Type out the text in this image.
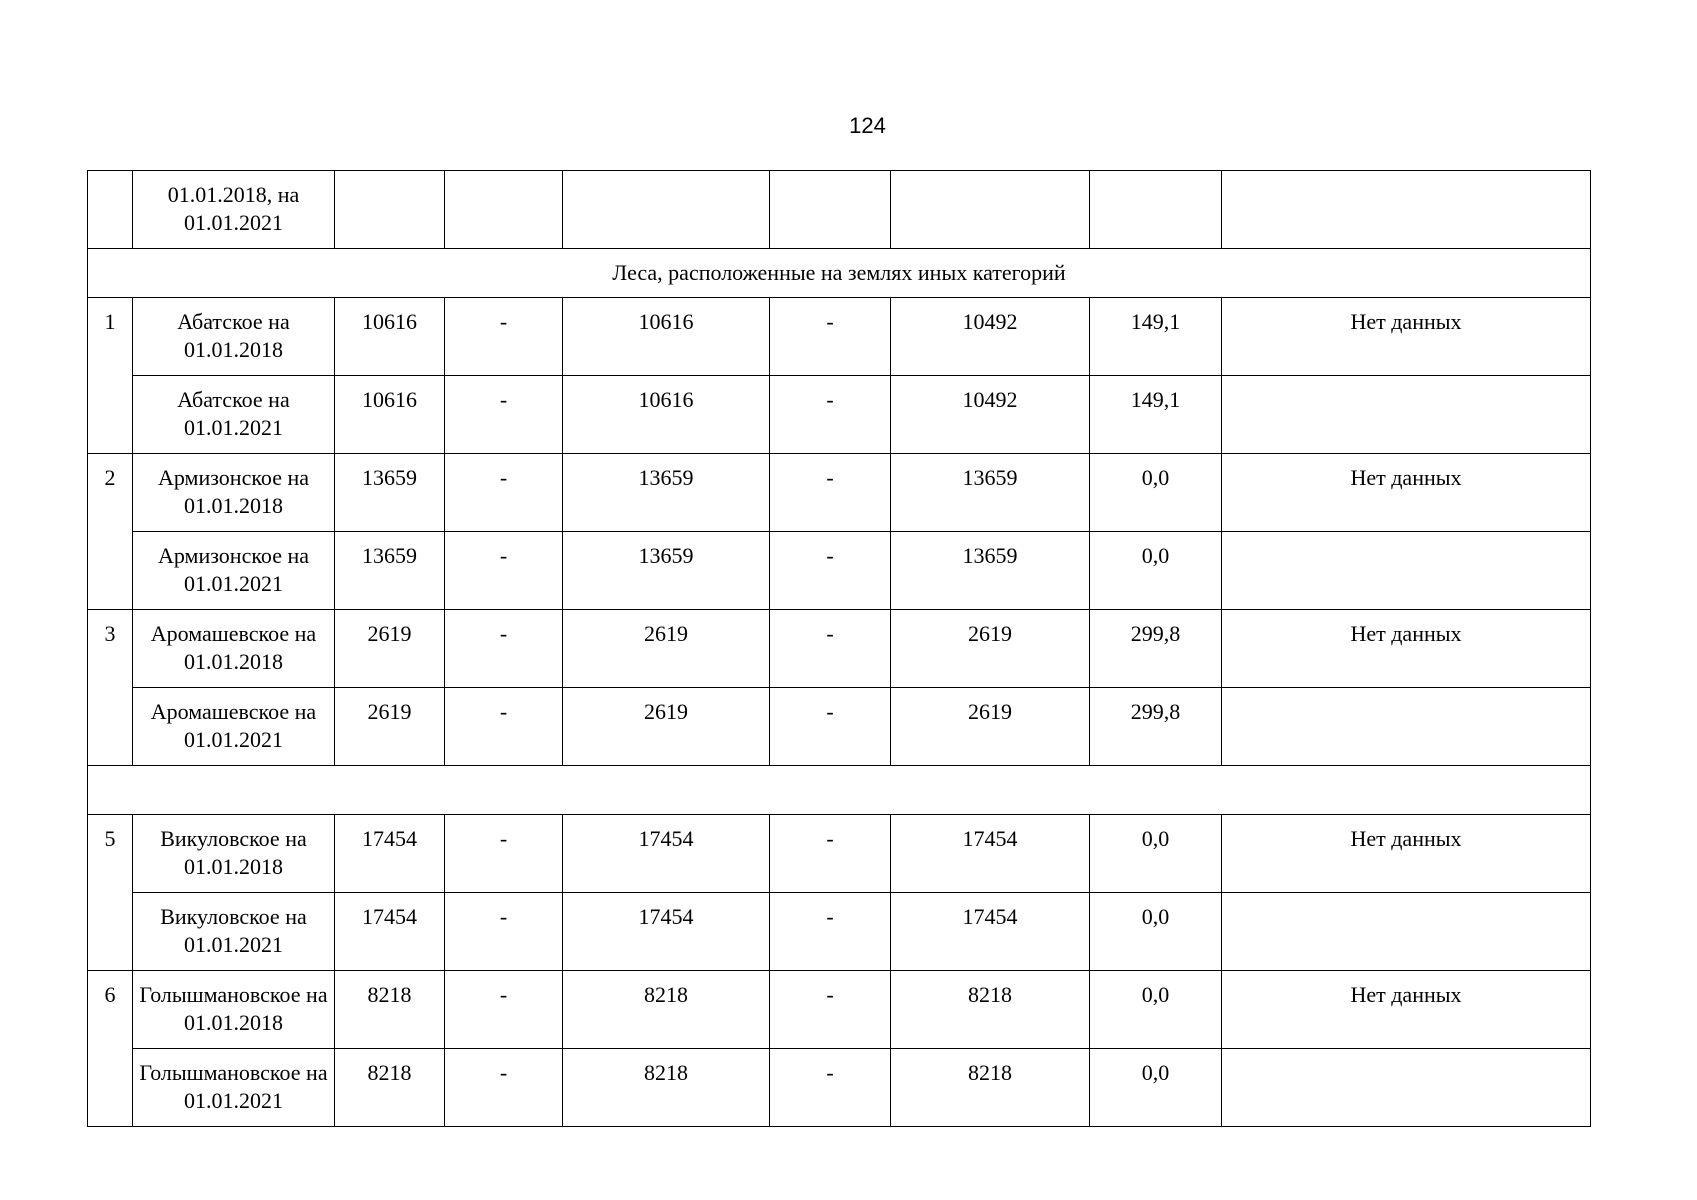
124
	01.01.2018, на 01.01.2021							
Леса, расположенные на землях иных категорий								
1	Абатское на 01.01.2018	10616	-	10616	-	10492	149,1	Нет данных
	Абатское на 01.01.2021	10616	-	10616	-	10492	149,1	
2	Армизонское на 01.01.2018	13659	-	13659	-	13659	0,0	Нет данных
	Армизонское на 01.01.2021	13659	-	13659	-	13659	0,0	
3	Аромашевское на 01.01.2018	2619	-	2619	-	2619	299,8	Нет данных
	Аромашевское на 01.01.2021	2619	-	2619	-	2619	299,8	

5	Викуловское на 01.01.2018	17454	-	17454	-	17454	0,0	Нет данных
	Викуловское на 01.01.2021	17454	-	17454	-	17454	0,0	
6	Голышмановское на 01.01.2018	8218	-	8218	-	8218	0,0	Нет данных
	Голышмановское на 01.01.2021	8218	-	8218	-	8218	0,0	
